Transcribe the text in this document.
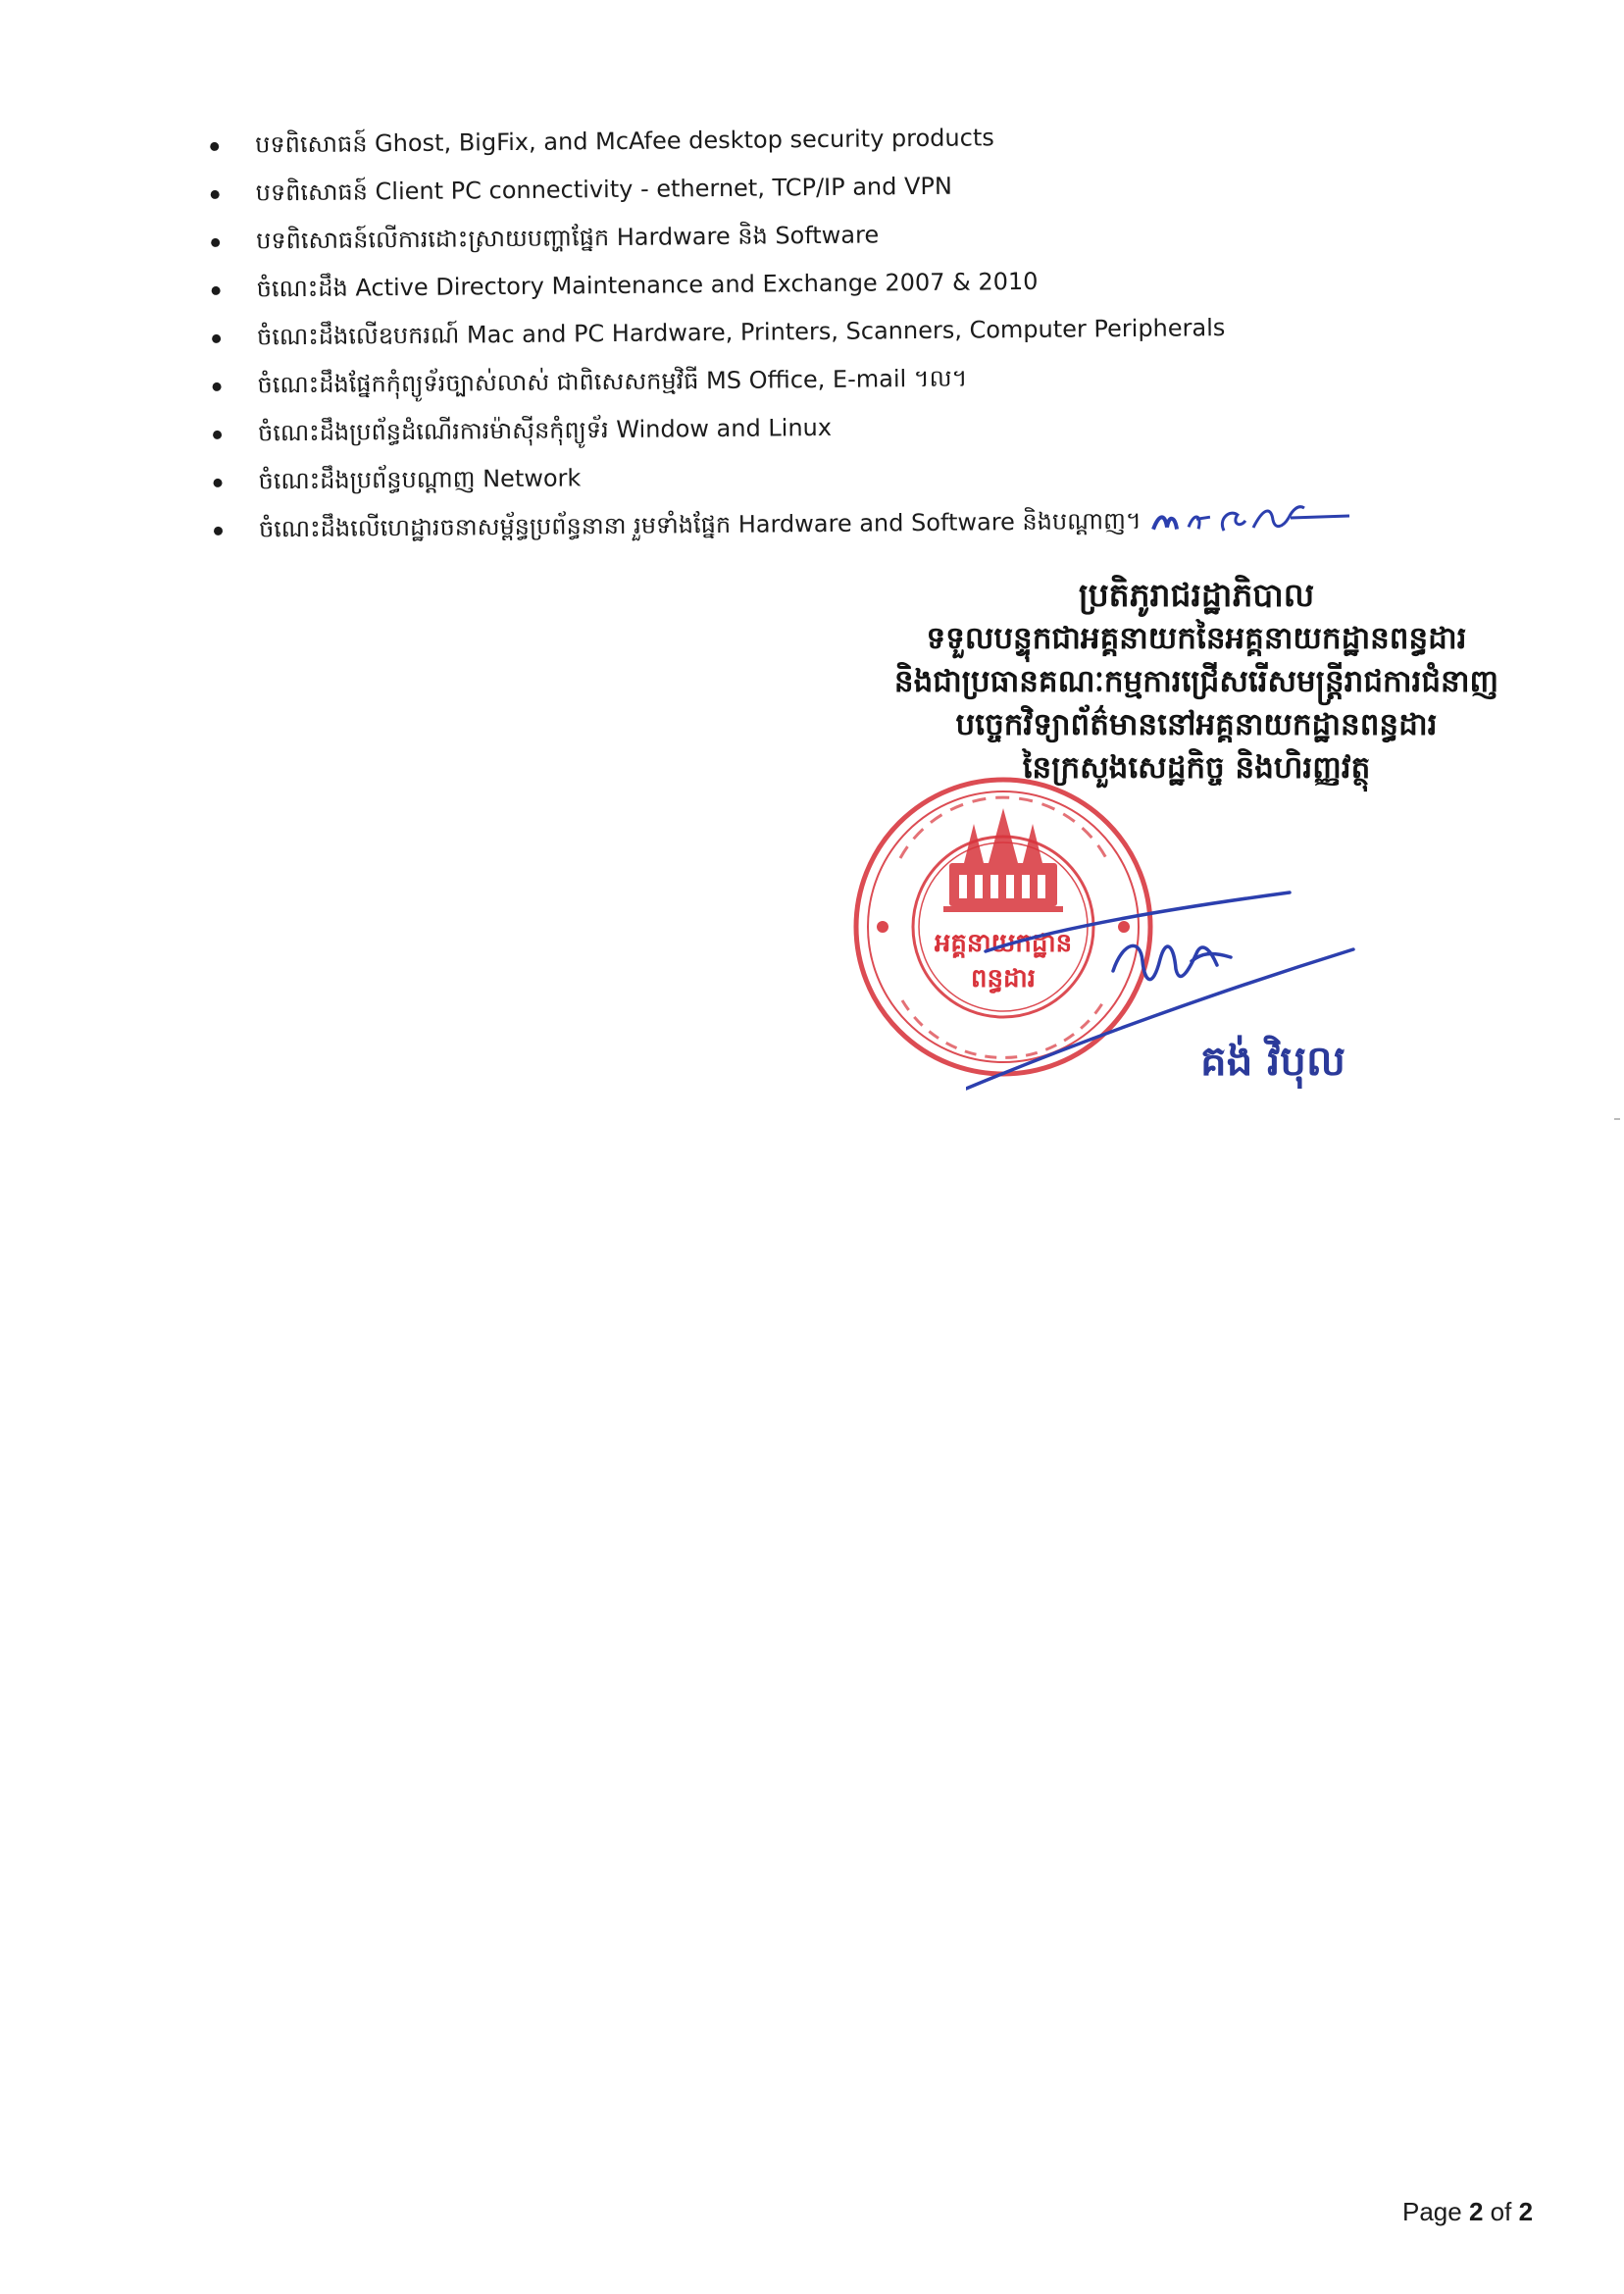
បទពិសោធន៍ Ghost, BigFix, and McAfee desktop security products
បទពិសោធន៍ Client PC connectivity - ethernet, TCP/IP and VPN
បទពិសោធន៍លើការដោះស្រាយបញ្ហាផ្នែក Hardware និង Software
ចំណេះដឹង Active Directory Maintenance and Exchange 2007 & 2010
ចំណេះដឹងលើឧបករណ៍ Mac and PC Hardware, Printers, Scanners, Computer Peripherals
ចំណេះដឹងផ្នែកកុំព្យូទ័រច្បាស់លាស់ ជាពិសេសកម្មវិធី MS Office, E-mail ។ល។
ចំណេះដឹងប្រព័ន្ធដំណើរការម៉ាស៊ីនកុំព្យូទ័រ Window and Linux
ចំណេះដឹងប្រព័ន្ធបណ្ដាញ Network
ចំណេះដឹងលើហេដ្ឋារចនាសម្ព័ន្ធប្រព័ន្ធនានា រួមទាំងផ្នែក Hardware and Software និងបណ្ដាញ។
ប្រតិភូរាជរដ្ឋាភិបាល
ទទួលបន្ទុកជាអគ្គនាយកនៃអគ្គនាយកដ្ឋានពន្ធដារ
និងជាប្រធានគណៈកម្មការជ្រើសរើសមន្ត្រីរាជការជំនាញ
បច្ចេកវិទ្យាព័ត៌មាននៅអគ្គនាយកដ្ឋានពន្ធដារ
នៃក្រសួងសេដ្ឋកិច្ច និងហិរញ្ញវត្ថុ
អគ្គនាយកដ្ឋាន
ពន្ធដារ
គង់ វិបុល
Page 2 of 2
